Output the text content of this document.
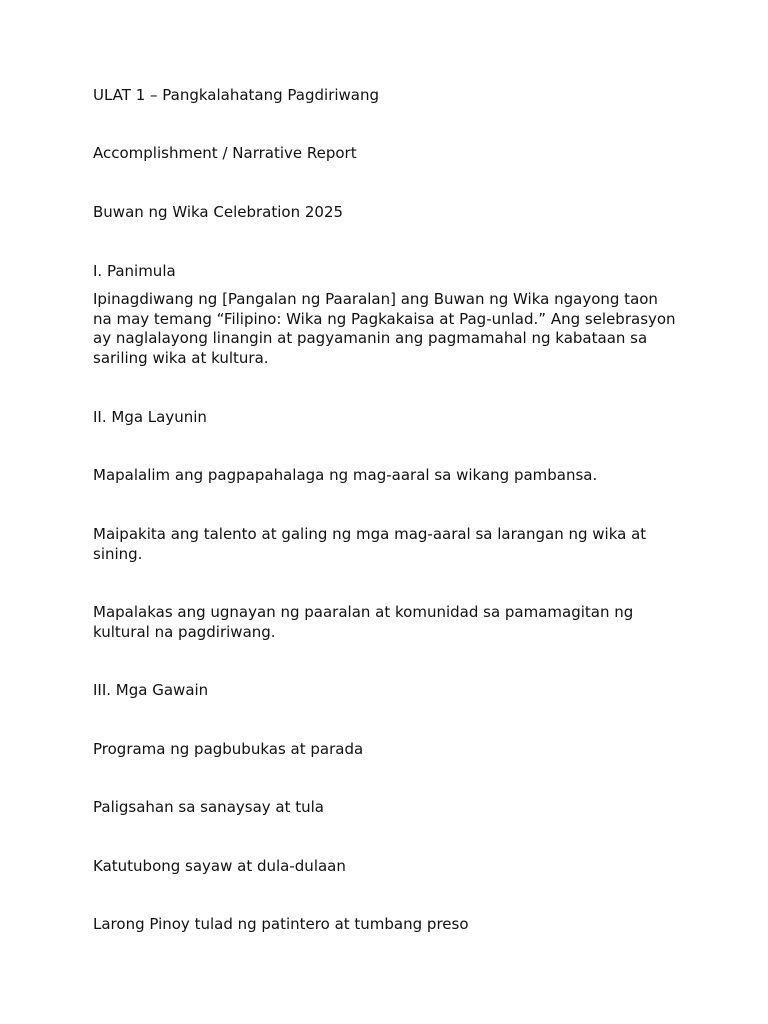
ULAT 1 – Pangkalahatang Pagdiriwang

Accomplishment / Narrative Report

Buwan ng Wika Celebration 2025

I. Panimula

Ipinagdiwang ng [Pangalan ng Paaralan] ang Buwan ng Wika ngayong taon na may temang “Filipino: Wika ng Pagkakaisa at Pag-unlad.” Ang selebrasyon ay naglalayong linangin at pagyamanin ang pagmamahal ng kabataan sa sariling wika at kultura.

II. Mga Layunin

Mapalalim ang pagpapahalaga ng mag-aaral sa wikang pambansa.

Maipakita ang talento at galing ng mga mag-aaral sa larangan ng wika at sining.

Mapalakas ang ugnayan ng paaralan at komunidad sa pamamagitan ng kultural na pagdiriwang.

III. Mga Gawain

Programa ng pagbubukas at parada

Paligsahan sa sanaysay at tula

Katutubong sayaw at dula-dulaan

Larong Pinoy tulad ng patintero at tumbang preso
